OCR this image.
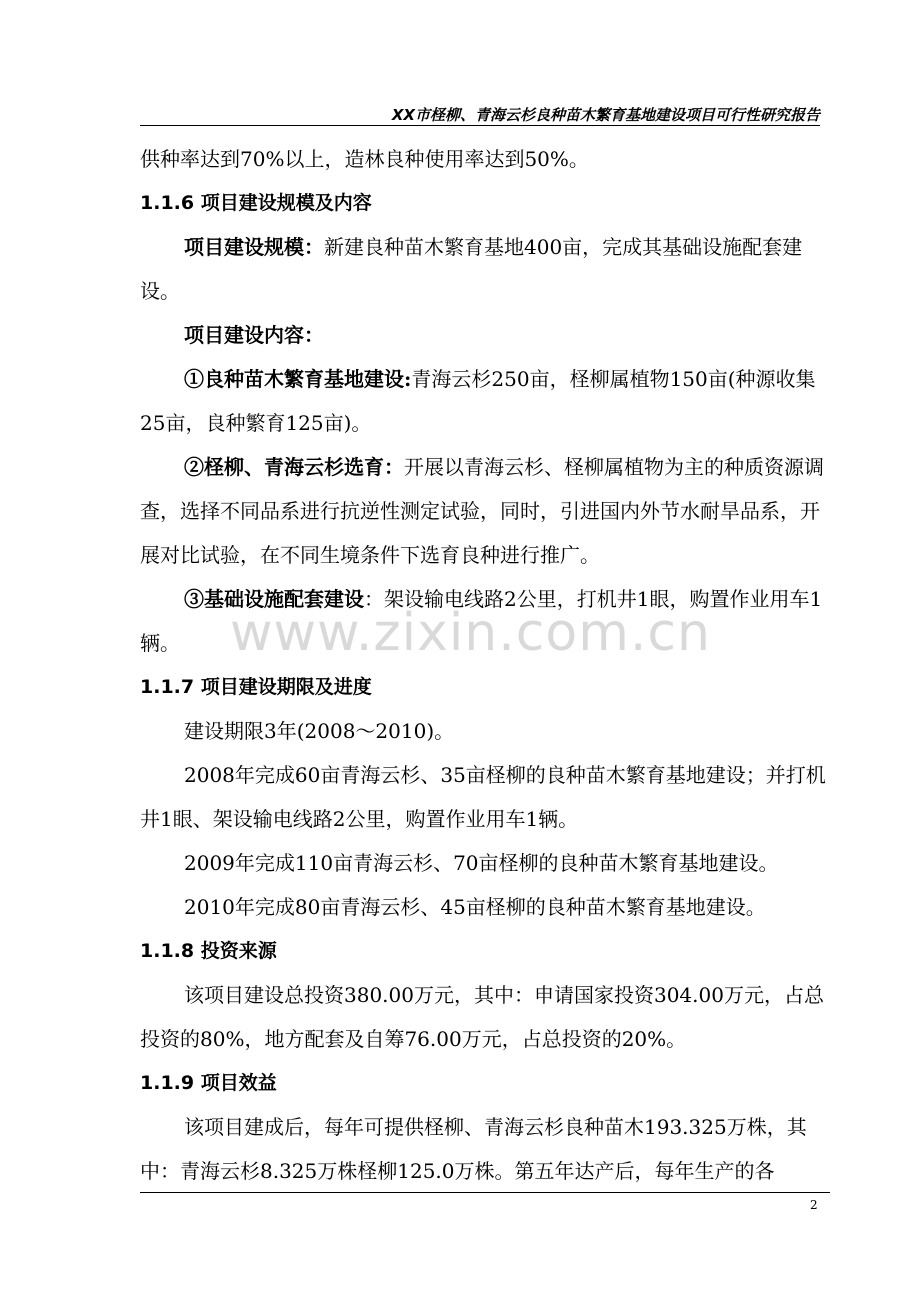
XX市柽柳、青海云杉良种苗木繁育基地建设项目可行性研究报告

供种率达到70%以上，造林良种使用率达到50%。

1.1.6 项目建设规模及内容

项目建设规模：新建良种苗木繁育基地400亩，完成其基础设施配套建设。

项目建设内容：

①良种苗木繁育基地建设:青海云杉250亩，柽柳属植物150亩(种源收集25亩，良种繁育125亩)。

②柽柳、青海云杉选育：开展以青海云杉、柽柳属植物为主的种质资源调查，选择不同品系进行抗逆性测定试验，同时，引进国内外节水耐旱品系，开展对比试验，在不同生境条件下选育良种进行推广。

③基础设施配套建设：架设输电线路2公里，打机井1眼，购置作业用车1辆。

1.1.7 项目建设期限及进度

建设期限3年(2008～2010)。

2008年完成60亩青海云杉、35亩柽柳的良种苗木繁育基地建设；并打机井1眼、架设输电线路2公里，购置作业用车1辆。

2009年完成110亩青海云杉、70亩柽柳的良种苗木繁育基地建设。

2010年完成80亩青海云杉、45亩柽柳的良种苗木繁育基地建设。

1.1.8 投资来源

该项目建设总投资380.00万元，其中：申请国家投资304.00万元，占总投资的80%，地方配套及自筹76.00万元，占总投资的20%。

1.1.9 项目效益

该项目建成后，每年可提供柽柳、青海云杉良种苗木193.325万株，其中：青海云杉8.325万株柽柳125.0万株。第五年达产后，每年生产的各

www.zixin.com.cn
2
